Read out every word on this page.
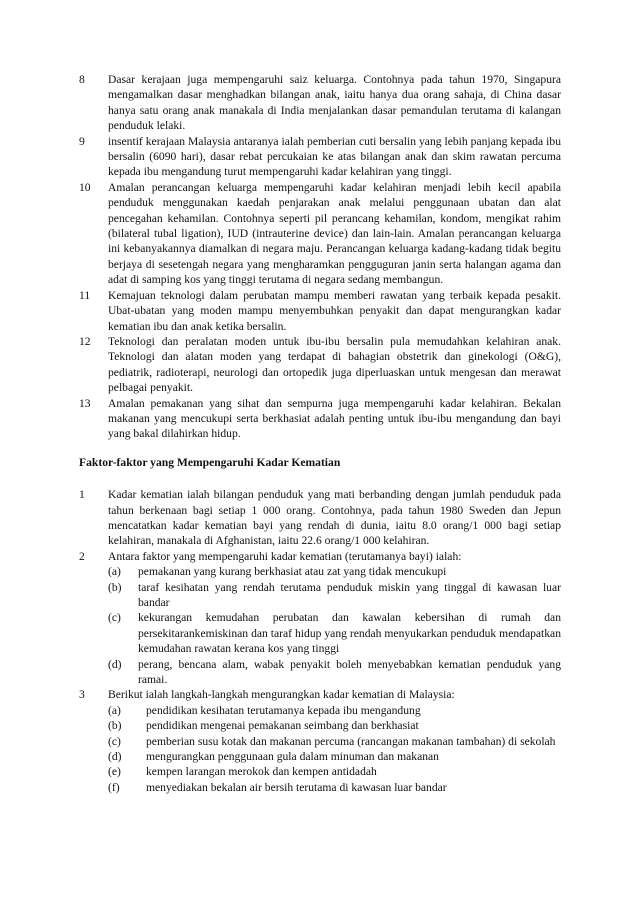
8	Dasar kerajaan juga mempengaruhi saiz keluarga. Contohnya pada tahun 1970, Singapura mengamalkan dasar menghadkan bilangan anak, iaitu hanya dua orang sahaja, di China dasar hanya satu orang anak manakala di India menjalankan dasar pemandulan terutama di kalangan penduduk lelaki.

9	insentif kerajaan Malaysia antaranya ialah pemberian cuti bersalin yang lebih panjang kepada ibu bersalin (6090 hari), dasar rebat percukaian ke atas bilangan anak dan skim rawatan percuma kepada ibu mengandung turut mempengaruhi kadar kelahiran yang tinggi.

10	Amalan perancangan keluarga mempengaruhi kadar kelahiran menjadi lebih kecil apabila penduduk menggunakan kaedah penjarakan anak melalui penggunaan ubatan dan alat pencegahan kehamilan. Contohnya seperti pil perancang kehamilan, kondom, mengikat rahim (bilateral tubal ligation), IUD (intrauterine device) dan lain-lain. Amalan perancangan keluarga ini kebanyakannya diamalkan di negara maju. Perancangan keluarga kadang-kadang tidak begitu berjaya di sesetengah negara yang mengharamkan pengguguran janin serta halangan agama dan adat di samping kos yang tinggi terutama di negara sedang membangun.

11	Kemajuan teknologi dalam perubatan mampu memberi rawatan yang terbaik kepada pesakit. Ubat-ubatan yang moden mampu menyembuhkan penyakit dan dapat mengurangkan kadar kematian ibu dan anak ketika bersalin.

12	Teknologi dan peralatan moden untuk ibu-ibu bersalin pula memudahkan kelahiran anak. Teknologi dan alatan moden yang terdapat di bahagian obstetrik dan ginekologi (O&G), pediatrik, radioterapi, neurologi dan ortopedik juga diperluaskan untuk mengesan dan merawat pelbagai penyakit.

13	Amalan pemakanan yang sihat dan sempurna juga mempengaruhi kadar kelahiran. Bekalan makanan yang mencukupi serta berkhasiat adalah penting untuk ibu-ibu mengandung dan bayi yang bakal dilahirkan hidup.

Faktor-faktor yang Mempengaruhi Kadar Kematian
1	Kadar kematian ialah bilangan penduduk yang mati berbanding dengan jumlah penduduk pada tahun berkenaan bagi setiap 1 000 orang. Contohnya, pada tahun 1980 Sweden dan Jepun mencatatkan kadar kematian bayi yang rendah di dunia, iaitu 8.0 orang/1 000 bagi setiap kelahiran, manakala di Afghanistan, iaitu 22.6 orang/1 000 kelahiran.

2	Antara faktor yang mempengaruhi kadar kematian (terutamanya bayi) ialah:

(a)	pemakanan yang kurang berkhasiat atau zat yang tidak mencukupi

(b)	taraf kesihatan yang rendah terutama penduduk miskin yang tinggal di kawasan luar bandar

(c)	kekurangan kemudahan perubatan dan kawalan kebersihan di rumah dan persekitarankemiskinan dan taraf hidup yang rendah menyukarkan penduduk mendapatkan kemudahan rawatan kerana kos yang tinggi

(d)	perang, bencana alam, wabak penyakit boleh menyebabkan kematian penduduk yang ramai.

3	Berikut ialah langkah-langkah mengurangkan kadar kematian di Malaysia:

(a)	pendidikan kesihatan terutamanya kepada ibu mengandung

(b)	pendidikan mengenai pemakanan seimbang dan berkhasiat

(c)	pemberian susu kotak dan makanan percuma (rancangan makanan tambahan) di sekolah

(d)	mengurangkan penggunaan gula dalam minuman dan makanan

(e)	kempen larangan merokok dan kempen antidadah

(f)	menyediakan bekalan air bersih terutama di kawasan luar bandar
